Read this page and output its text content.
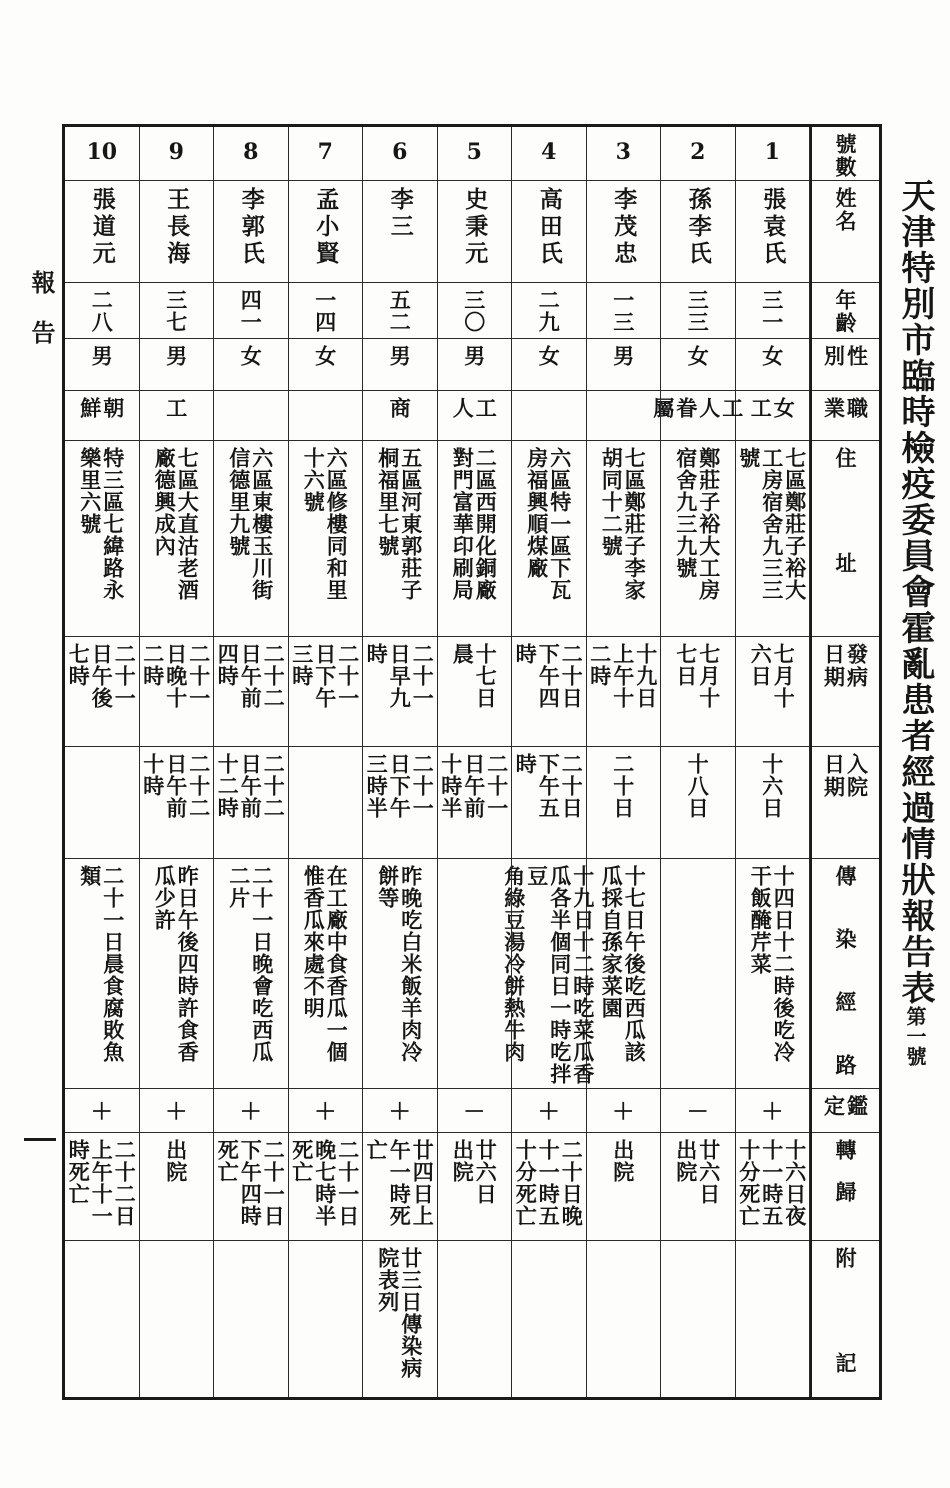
天津特別市臨時檢疫委員會霍亂患者經過情狀報告表第一號
報告
號數
姓名
年齡
性別
職業
住　　　　址
發病
日期
入院
日期
傳　　染　　經　　路
鑑定
轉　歸
附　　　　記
1
張袁氏
三一
女
女工
七區鄭莊子裕大
工房宿舍九三三
號
七月十
六日
十六日
十四日十二時後吃冷
干飯醃芹菜
＋
十六日夜
十一時五
十分死亡
2
孫李氏
三三
女
工人
眷屬
鄭莊子裕大工房
宿舍九三九號
七月十
七日
十八日
－
廿六日
出院
3
李茂忠
一三
男
七區鄭莊子李家
胡同十二號
十九日
上午十
二時
二十日
十七日午後吃西瓜該
瓜採自孫家菜園
＋
出院
4
高田氏
二九
女
六區特一區下瓦
房福興順煤廠
二十日
下午四
時
二十日
下午五
時
十九日十二時吃菜瓜香
瓜各半個同日一時吃拌豆
角綠豆湯冷餅熱牛肉
＋
二十日晚
十一時五
十分死亡
5
史秉元
三〇
男
工人
二區西開化銅廠
對門富華印刷局
十七日
晨
二十一
日午前
十時半
－
廿六日
出院
6
李三
五二
男
商
五區河東郭莊子
桐福里七號
二十一
日早九
時
二十一
日下午
三時半
昨晚吃白米飯羊肉冷
餅等
＋
廿四日上
午一時死
亡
廿三日傳染病
院表列
7
孟小賢
一四
女
六區修樓同和里
十六號
二十一
日下午
三時
在工廠中食香瓜一個
惟香瓜來處不明
＋
二十一日
晚七時半
死亡
8
李郭氏
四一
女
六區東樓玉川街
信德里九號
二十二
日午前
四時
二十二
日午前
十二時
二十一日晚會吃西瓜
二片
＋
二十一日
下午四時
死亡
9
王長海
三七
男
工
七區大直沽老酒
廠德興成內
二十一
日晚十
二時
二十二
日午前
十時
昨日午後四時許食香
瓜少許
＋
出院
10
張道元
二八
男
朝鮮
特三區七緯路永
樂里六號
二十一
日午後
七時
二十一日晨食腐敗魚
類
＋
二十二日
上午十一
時死亡
